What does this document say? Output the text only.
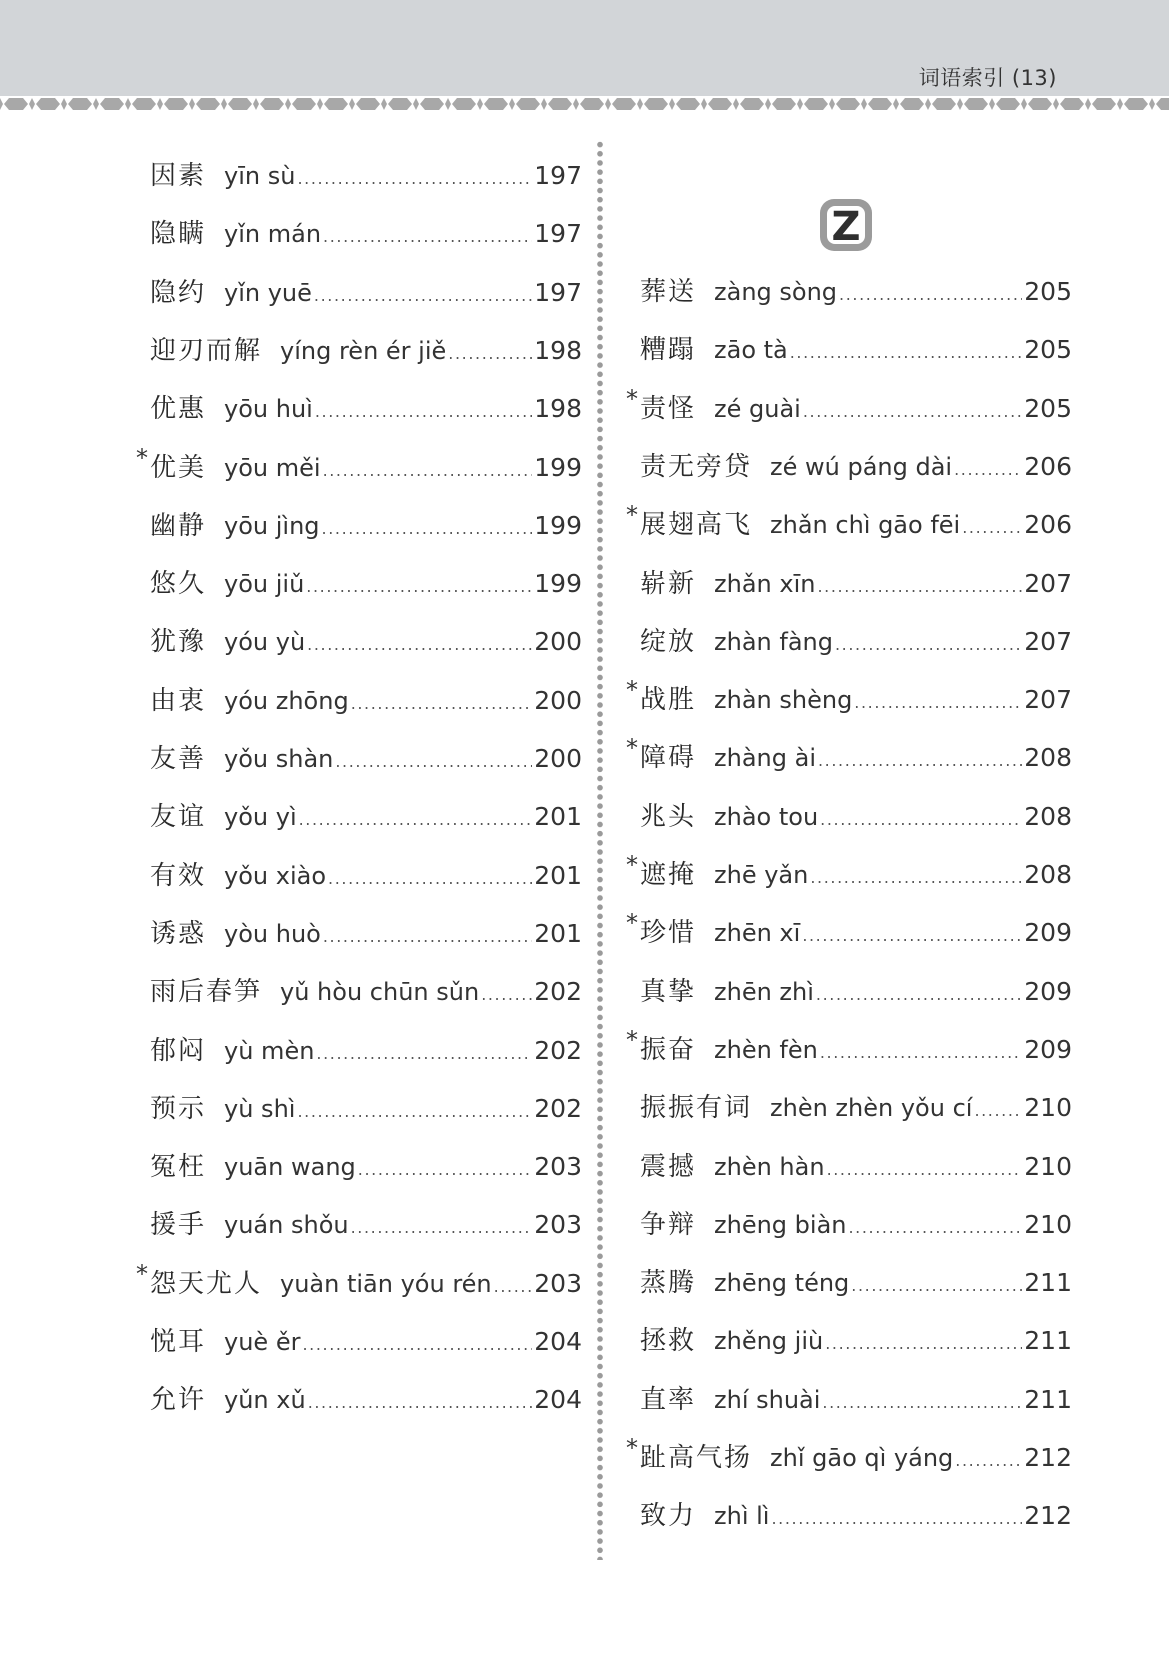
词语索引 (13)
因素 yīn sù .....	197
隐瞒 yǐn mán .....	197
隐约 yǐn yuē .....	197
迎刃而解 yíng rèn ér jiě .....	198
优惠 yōu huì .....	198
* 优美 yōu měi .....	199
幽静 yōu jìng .....	199
悠久 yōu jiǔ .....	199
犹豫 yóu yù .....	200
由衷 yóu zhōng .....	200
友善 yǒu shàn .....	200
友谊 yǒu yì .....	201
有效 yǒu xiào .....	201
诱惑 yòu huò .....	201
雨后春笋 yǔ hòu chūn sǔn ..... 202
郁闷 yù mèn .....	202
预示 yù shì .....	202
冤枉 yuān wang .....	203
援手 yuán shǒu .....	203
* 怨天尤人 yuàn tiān yóu rén ..... 203
悦耳 yuè ěr .....	204
允许 yǔn xǔ .....	204
Z
葬送 zàng sòng .....	205
糟蹋 zāo tà .....	205
* 责怪 zé guài .....	205
责无旁贷 zé wú páng dài .....	206
* 展翅高飞 zhǎn chì gāo fēi .....	206
崭新 zhǎn xīn .....	207
绽放 zhàn fàng .....	207
* 战胜 zhàn shèng .....	207
* 障碍 zhàng ài .....	208
兆头 zhào tou .....	208
* 遮掩 zhē yǎn .....	208
* 珍惜 zhēn xī .....	209
真挚 zhēn zhì .....	209
* 振奋 zhèn fèn .....	209
振振有词 zhèn zhèn yǒu cí ..... 210
震撼 zhèn hàn .....	210
争辩 zhēng biàn .....	210
蒸腾 zhēng téng .....	211
拯救 zhěng jiù .....	211
直率 zhí shuài .....	211
* 趾高气扬 zhǐ gāo qì yáng .....	212
致力 zhì lì .....	212
